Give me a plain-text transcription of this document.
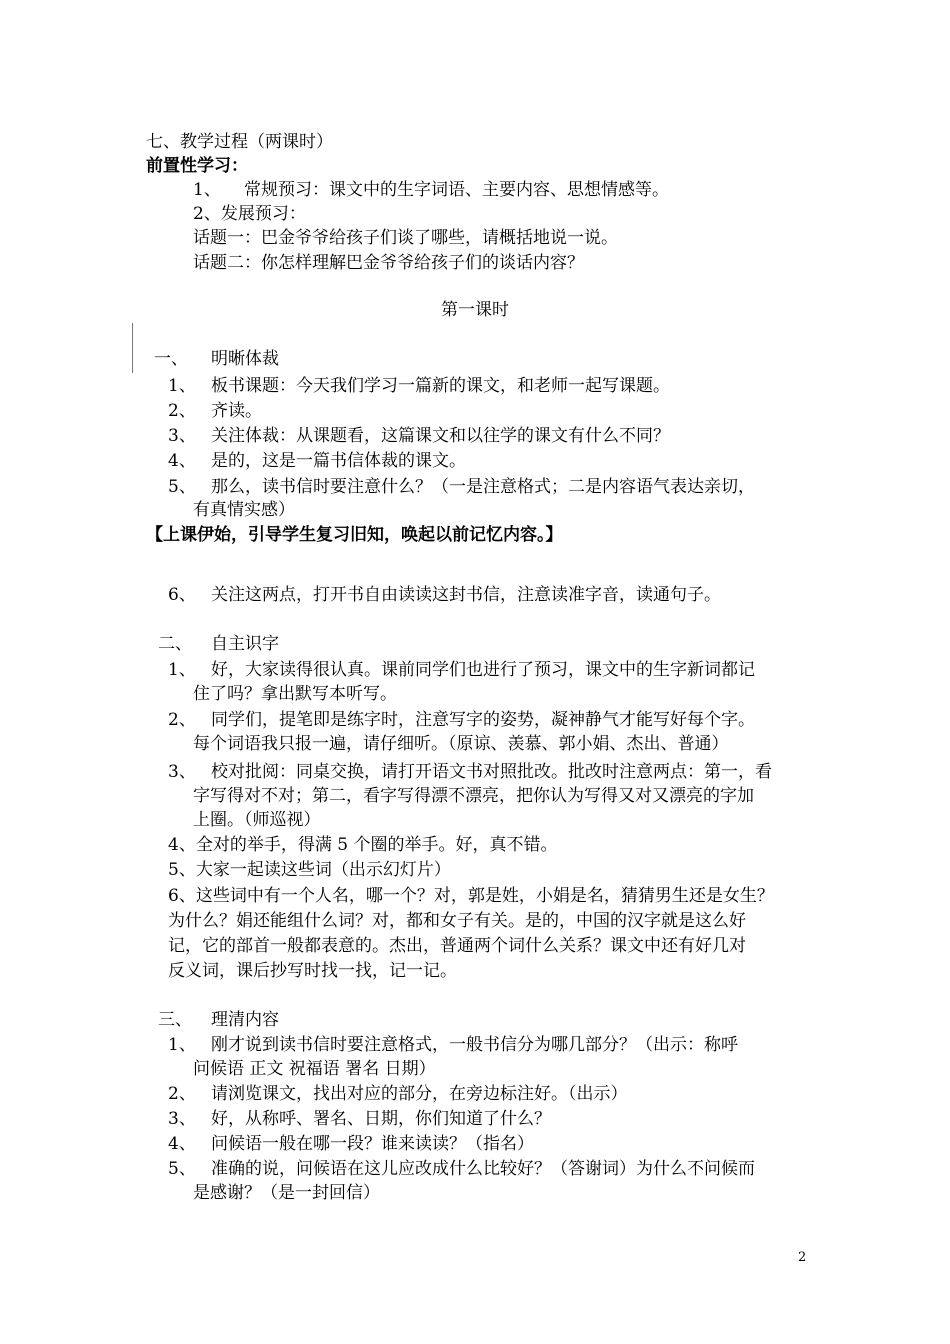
七、教学过程（两课时）
前置性学习：
1、 常规预习：课文中的生字词语、主要内容、思想情感等。
2、发展预习：
话题一：巴金爷爷给孩子们谈了哪些，请概括地说一说。
话题二：你怎样理解巴金爷爷给孩子们的谈话内容？
第一课时
一、 明晰体裁
1、 板书课题：今天我们学习一篇新的课文，和老师一起写课题。
2、 齐读。
3、 关注体裁：从课题看，这篇课文和以往学的课文有什么不同？
4、 是的，这是一篇书信体裁的课文。
5、 那么，读书信时要注意什么？（一是注意格式；二是内容语气表达亲切，
有真情实感）
【上课伊始，引导学生复习旧知，唤起以前记忆内容。】
6、 关注这两点，打开书自由读读这封书信，注意读准字音，读通句子。
二、 自主识字
1、 好，大家读得很认真。课前同学们也进行了预习，课文中的生字新词都记
住了吗？拿出默写本听写。
2、 同学们，提笔即是练字时，注意写字的姿势，凝神静气才能写好每个字。
每个词语我只报一遍，请仔细听。（原谅、羡慕、郭小娟、杰出、普通）
3、 校对批阅：同桌交换，请打开语文书对照批改。批改时注意两点：第一，看
字写得对不对；第二，看字写得漂不漂亮，把你认为写得又对又漂亮的字加
上圈。（师巡视）
4、全对的举手，得满 5 个圈的举手。好，真不错。
5、大家一起读这些词（出示幻灯片）
6、这些词中有一个人名，哪一个？对，郭是姓，小娟是名，猜猜男生还是女生？
为什么？娟还能组什么词？对，都和女子有关。是的，中国的汉字就是这么好
记，它的部首一般都表意的。杰出，普通两个词什么关系？课文中还有好几对
反义词，课后抄写时找一找，记一记。
三、 理清内容
1、 刚才说到读书信时要注意格式，一般书信分为哪几部分？（出示：称呼
问候语 正文 祝福语 署名 日期）
2、 请浏览课文，找出对应的部分，在旁边标注好。（出示）
3、 好，从称呼、署名、日期，你们知道了什么？
4、 问候语一般在哪一段？谁来读读？（指名）
5、 准确的说，问候语在这儿应改成什么比较好？（答谢词）为什么不问候而
是感谢？（是一封回信）
2
